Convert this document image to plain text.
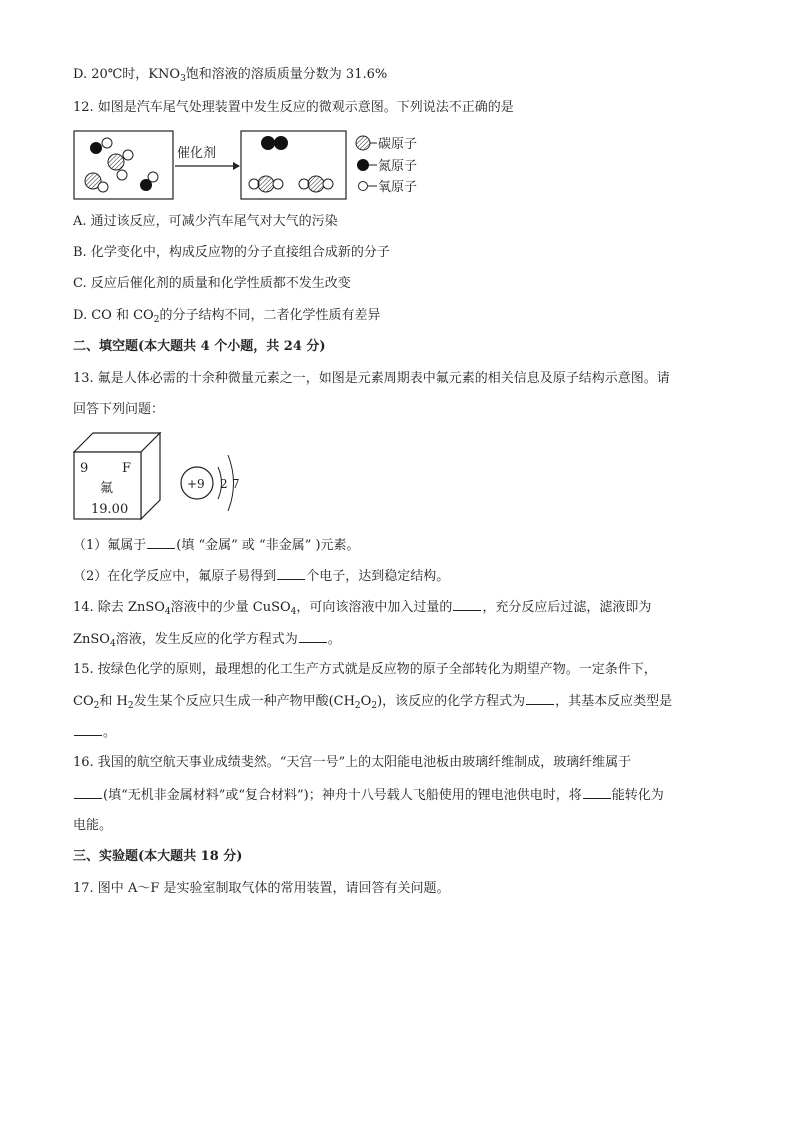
D. 20℃时，$KNO_3$饱和溶液的溶质质量分数为 31.6%
12. 如图是汽车尾气处理装置中发生反应的微观示意图。下列说法不正确的是
催化剂
碳原子
氮原子
氧原子
A. 通过该反应，可减少汽车尾气对大气的污染
B. 化学变化中，构成反应物的分子直接组合成新的分子
C. 反应后催化剂的质量和化学性质都不发生改变
D. CO 和 $CO_2$的分子结构不同，二者化学性质有差异
二、填空题(本大题共 4 个小题，共 24 分)
13. 氟是人体必需的十余种微量元素之一，如图是元素周期表中氟元素的相关信息及原子结构示意图。请
回答下列问题：
9	F
氟
19.00
+9 2 7
（1）氟属于 (填 “金属” 或 “非金属” )元素。
（2）在化学反应中，氟原子易得到 个电子，达到稳定结构。
14. 除去 ZnSO$_4$溶液中的少量 CuSO$_4$，可向该溶液中加入过量的 ，充分反应后过滤，滤液即为
ZnSO$_4$溶液，发生反应的化学方程式为 。
15. 按绿色化学的原则，最理想的化工生产方式就是反应物的原子全部转化为期望产物。一定条件下，
$CO_2$和 $H_2$发生某个反应只生成一种产物甲酸$(CH_2O_2)$，该反应的化学方程式为 ，其基本反应类型是
。
16. 我国的航空航天事业成绩斐然。“天宫一号”上的太阳能电池板由玻璃纤维制成，玻璃纤维属于
(填“无机非金属材料”或“复合材料”)；神舟十八号载人飞船使用的锂电池供电时，将 能转化为
电能。
三、实验题(本大题共 18 分)
17. 图中 A～F 是实验室制取气体的常用装置，请回答有关问题。
